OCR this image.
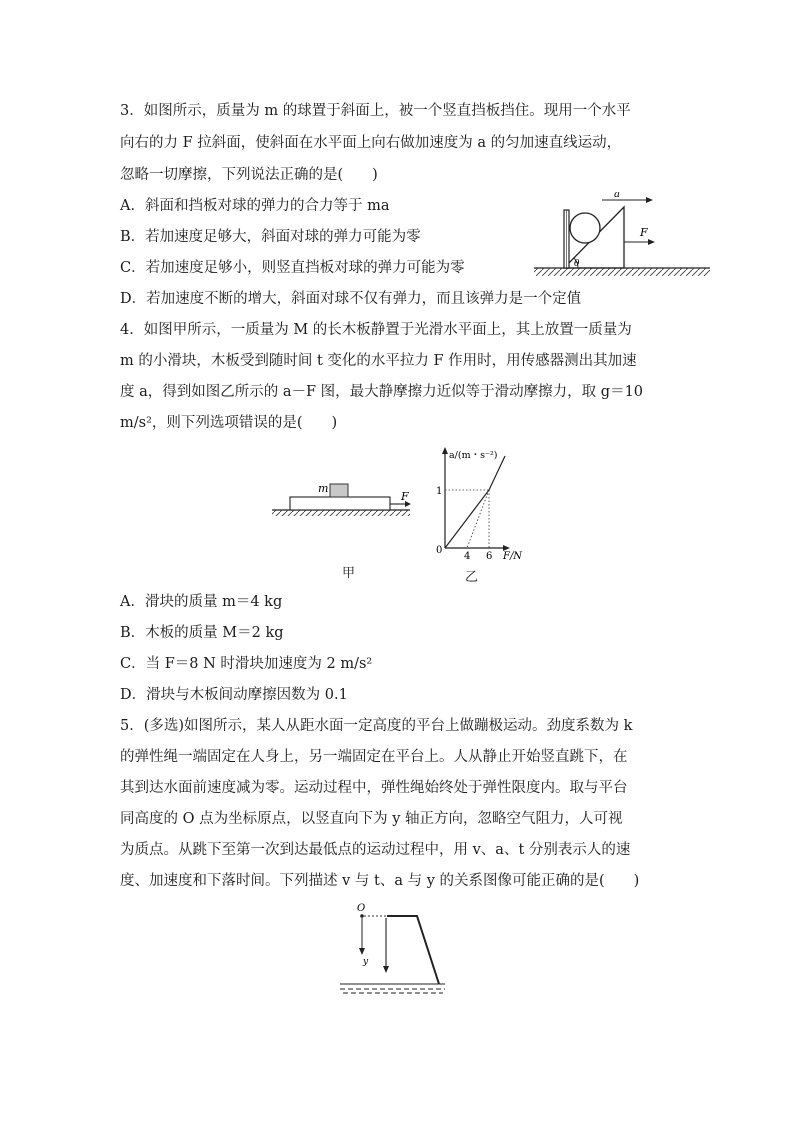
3．如图所示，质量为 m 的球置于斜面上，被一个竖直挡板挡住。现用一个水平
向右的力 F 拉斜面，使斜面在水平面上向右做加速度为 a 的匀加速直线运动，
忽略一切摩擦，下列说法正确的是(　　)
A．斜面和挡板对球的弹力的合力等于 ma
B．若加速度足够大，斜面对球的弹力可能为零
C．若加速度足够小，则竖直挡板对球的弹力可能为零
D．若加速度不断的增大，斜面对球不仅有弹力，而且该弹力是一个定值
θ
a
F
4．如图甲所示，一质量为 M 的长木板静置于光滑水平面上，其上放置一质量为
m 的小滑块，木板受到随时间 t 变化的水平拉力 F 作用时，用传感器测出其加速
度 a，得到如图乙所示的 a－F 图，最大静摩擦力近似等于滑动摩擦力，取 g＝10
m/s²，则下列选项错误的是(　　)
m
F
甲
a/(m・s⁻²)
F/N
0
1
4 6
乙
A．滑块的质量 m＝4 kg
B．木板的质量 M＝2 kg
C．当 F＝8 N 时滑块加速度为 2 m/s²
D．滑块与木板间动摩擦因数为 0.1
5．(多选)如图所示，某人从距水面一定高度的平台上做蹦极运动。劲度系数为 k
的弹性绳一端固定在人身上，另一端固定在平台上。人从静止开始竖直跳下，在
其到达水面前速度减为零。运动过程中，弹性绳始终处于弹性限度内。取与平台
同高度的 O 点为坐标原点，以竖直向下为 y 轴正方向，忽略空气阻力，人可视
为质点。从跳下至第一次到达最低点的运动过程中，用 v、a、t 分别表示人的速
度、加速度和下落时间。下列描述 v 与 t、a 与 y 的关系图像可能正确的是(　　)
O
y
